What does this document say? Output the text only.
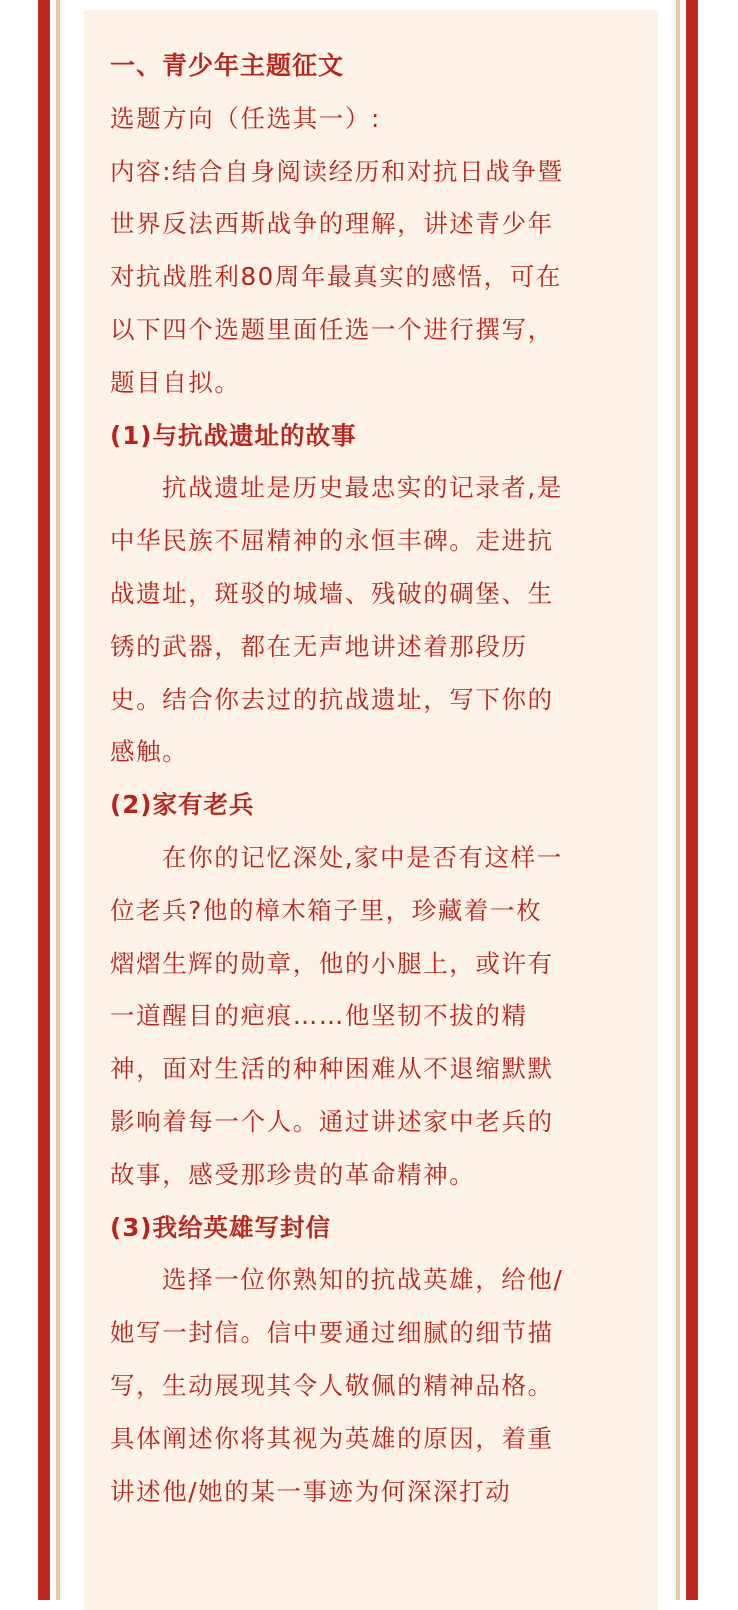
一、青少年主题征文
选题方向（任选其一）:
内容:结合自身阅读经历和对抗日战争暨
世界反法西斯战争的理解，讲述青少年
对抗战胜利80周年最真实的感悟，可在
以下四个选题里面任选一个进行撰写，
题目自拟。
(1)与抗战遗址的故事
抗战遗址是历史最忠实的记录者,是
中华民族不屈精神的永恒丰碑。走进抗
战遗址，斑驳的城墙、残破的碉堡、生
锈的武器，都在无声地讲述着那段历
史。结合你去过的抗战遗址，写下你的
感触。
(2)家有老兵
在你的记忆深处,家中是否有这样一
位老兵?他的樟木箱子里，珍藏着一枚
熠熠生辉的勋章，他的小腿上，或许有
一道醒目的疤痕……他坚韧不拔的精
神，面对生活的种种困难从不退缩默默
影响着每一个人。通过讲述家中老兵的
故事，感受那珍贵的革命精神。
(3)我给英雄写封信
选择一位你熟知的抗战英雄，给他/
她写一封信。信中要通过细腻的细节描
写，生动展现其令人敬佩的精神品格。
具体阐述你将其视为英雄的原因，着重
讲述他/她的某一事迹为何深深打动
